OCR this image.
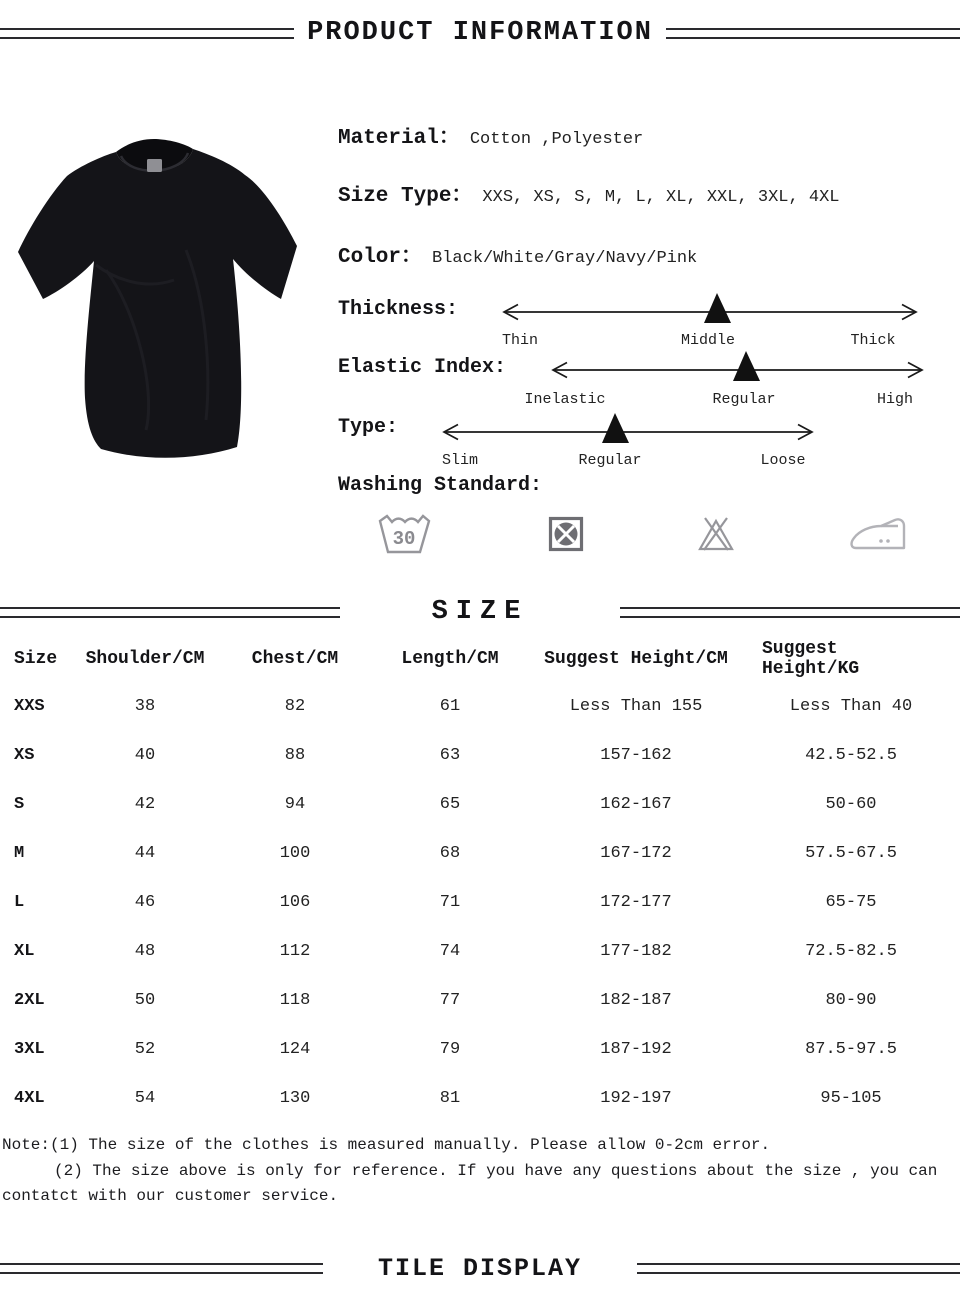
PRODUCT INFORMATION
Material： Cotton ,Polyester
Size Type： XXS, XS, S, M, L, XL, XXL, 3XL, 4XL
Color： Black/White/Gray/Navy/Pink
Thickness:
Thin	Middle	Thick
Elastic Index:
Inelastic	Regular	High
Type:
Slim	Regular	Loose
Washing Standard:
30
SIZE
Size	Shoulder/CM	Chest/CM	Length/CM	Suggest Height/CM	Suggest Height/KG
XXS	38	82	61	Less Than 155	Less Than 40
XS	40	88	63	157-162	42.5-52.5
S	42	94	65	162-167	50-60
M	44	100	68	167-172	57.5-67.5
L	46	106	71	172-177	65-75
XL	48	112	74	177-182	72.5-82.5
2XL	50	118	77	182-187	80-90
3XL	52	124	79	187-192	87.5-97.5
4XL	54	130	81	192-197	95-105

Note:(1) The size of the clothes is measured manually. Please allow 0-2cm error.

(2) The size above is only for reference. If you have any questions about the size , you can contatct with our customer service.

TILE DISPLAY
